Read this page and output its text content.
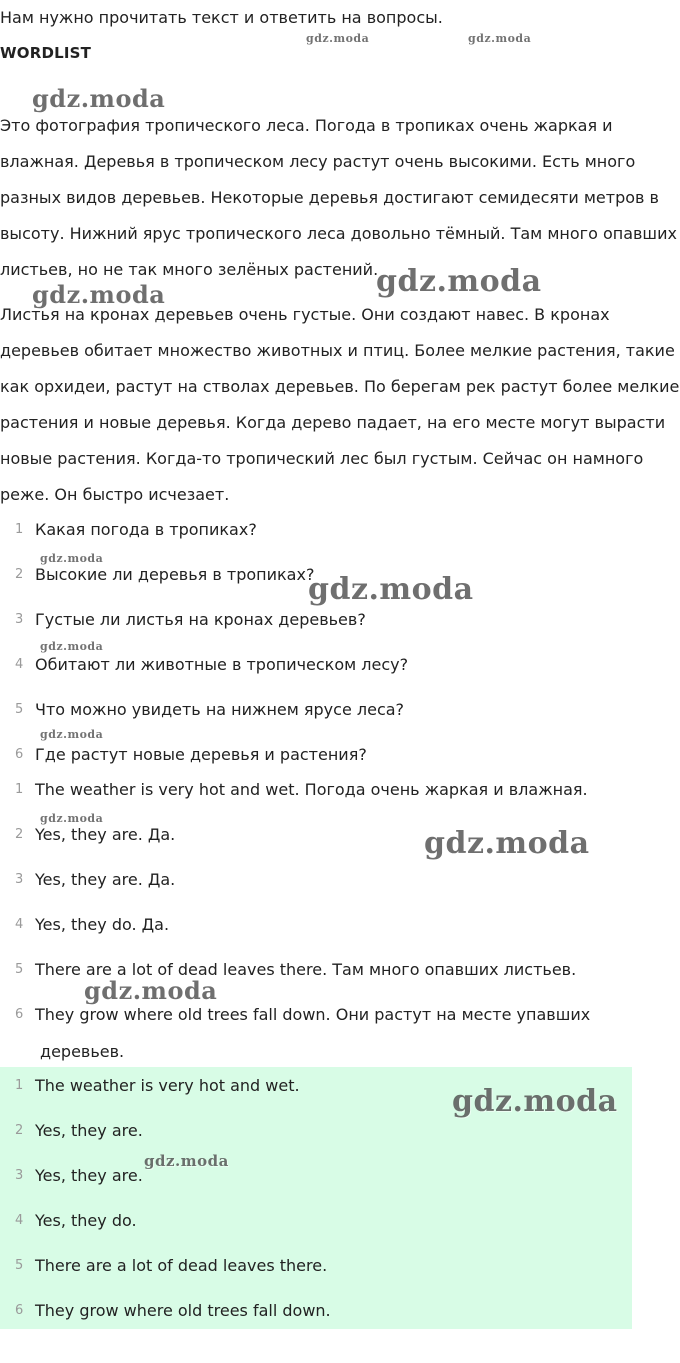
Нам нужно прочитать текст и ответить на вопросы.

WORDLIST

Это фотография тропического леса. Погода в тропиках очень жаркая и
влажная. Деревья в тропическом лесу растут очень высокими. Есть много
разных видов деревьев. Некоторые деревья достигают семидесяти метров в
высоту. Нижний ярус тропического леса довольно тёмный. Там много опавших
листьев, но не так много зелёных растений.
Листья на кронах деревьев очень густые. Они создают навес. В кронах
деревьев обитает множество животных и птиц. Более мелкие растения, такие
как орхидеи, растут на стволах деревьев. По берегам рек растут более мелкие
растения и новые деревья. Когда дерево падает, на его месте могут вырасти
новые растения. Когда-то тропический лес был густым. Сейчас он намного
реже. Он быстро исчезает.
1 Какая погода в тропиках?
2 Высокие ли деревья в тропиках?
3 Густые ли листья на кронах деревьев?
4 Обитают ли животные в тропическом лесу?
5 Что можно увидеть на нижнем ярусе леса?
6 Где растут новые деревья и растения?
1 The weather is very hot and wet. Погода очень жаркая и влажная.
2 Yes, they are. Да.
3 Yes, they are. Да.
4 Yes, they do. Да.
5 There are a lot of dead leaves there. Там много опавших листьев.
6 They grow where old trees fall down. Они растут на месте упавших
деревьев.
1 The weather is very hot and wet.
2 Yes, they are.
3 Yes, they are.
4 Yes, they do.
5 There are a lot of dead leaves there.
6 They grow where old trees fall down.
gdz.moda	gdz.moda
gdz.moda
gdz.moda	gdz.moda
gdz.moda
gdz.moda
gdz.moda
gdz.moda
gdz.moda
gdz.moda
gdz.moda
gdz.moda
gdz.moda
